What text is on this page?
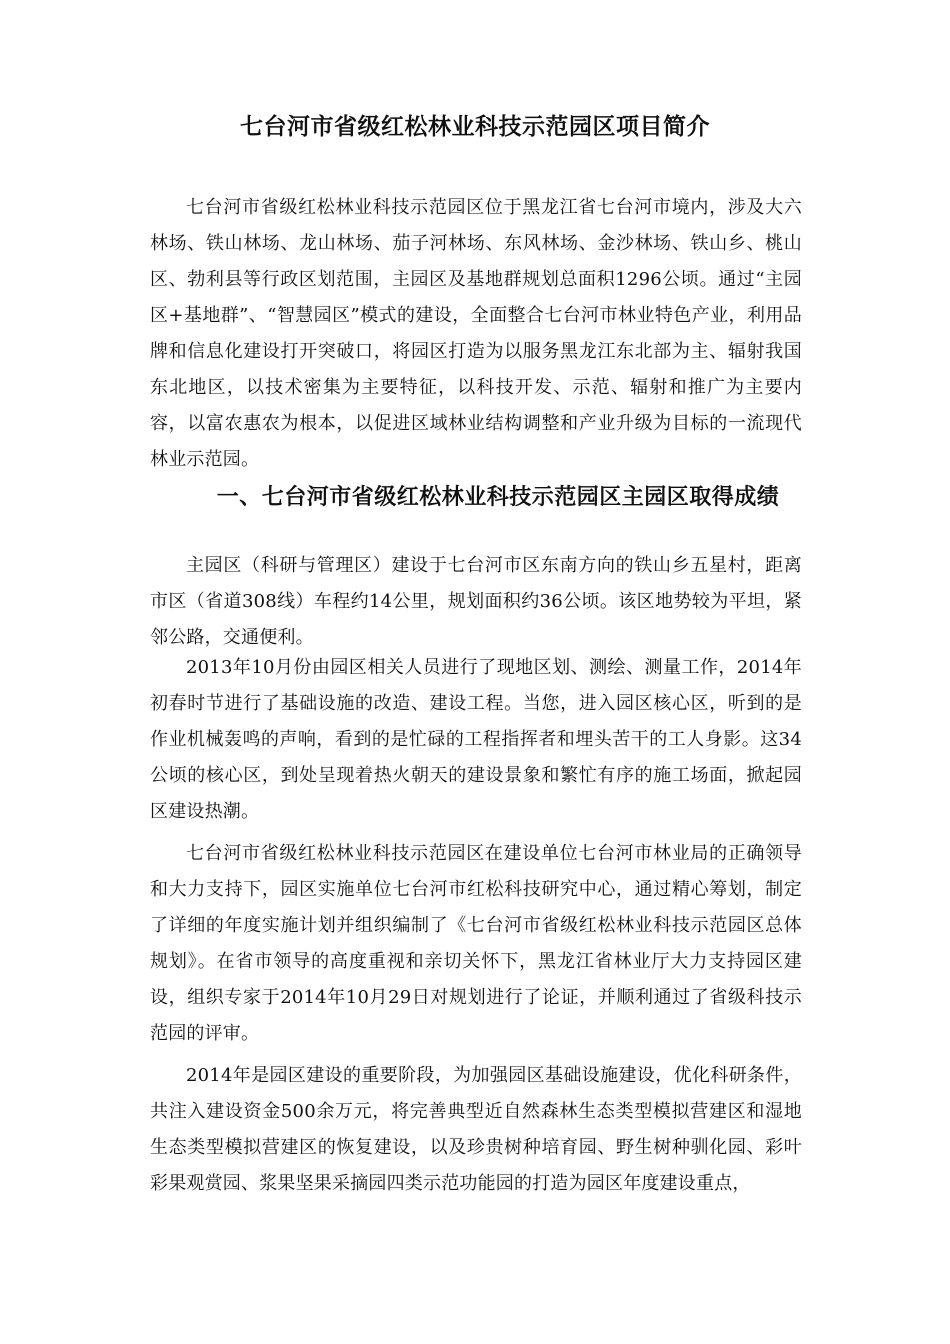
七台河市省级红松林业科技示范园区项目简介

七台河市省级红松林业科技示范园区位于黑龙江省七台河市境内，涉及大六林场、铁山林场、龙山林场、茄子河林场、东风林场、金沙林场、铁山乡、桃山区、勃利县等行政区划范围，主园区及基地群规划总面积1296公顷。通过“主园区+基地群”、“智慧园区”模式的建设，全面整合七台河市林业特色产业，利用品牌和信息化建设打开突破口，将园区打造为以服务黑龙江东北部为主、辐射我国东北地区，以技术密集为主要特征，以科技开发、示范、辐射和推广为主要内容，以富农惠农为根本，以促进区域林业结构调整和产业升级为目标的一流现代林业示范园。

一、七台河市省级红松林业科技示范园区主园区取得成绩

主园区（科研与管理区）建设于七台河市区东南方向的铁山乡五星村，距离市区（省道308线）车程约14公里，规划面积约36公顷。该区地势较为平坦，紧邻公路，交通便利。

2013年10月份由园区相关人员进行了现地区划、测绘、测量工作，2014年初春时节进行了基础设施的改造、建设工程。当您，进入园区核心区，听到的是作业机械轰鸣的声响，看到的是忙碌的工程指挥者和埋头苦干的工人身影。这34公顷的核心区，到处呈现着热火朝天的建设景象和繁忙有序的施工场面，掀起园区建设热潮。

七台河市省级红松林业科技示范园区在建设单位七台河市林业局的正确领导和大力支持下，园区实施单位七台河市红松科技研究中心，通过精心筹划，制定了详细的年度实施计划并组织编制了《七台河市省级红松林业科技示范园区总体规划》。在省市领导的高度重视和亲切关怀下，黑龙江省林业厅大力支持园区建设，组织专家于2014年10月29日对规划进行了论证，并顺利通过了省级科技示范园的评审。

2014年是园区建设的重要阶段，为加强园区基础设施建设，优化科研条件，共注入建设资金500余万元，将完善典型近自然森林生态类型模拟营建区和湿地生态类型模拟营建区的恢复建设，以及珍贵树种培育园、野生树种驯化园、彩叶彩果观赏园、浆果坚果采摘园四类示范功能园的打造为园区年度建设重点，
